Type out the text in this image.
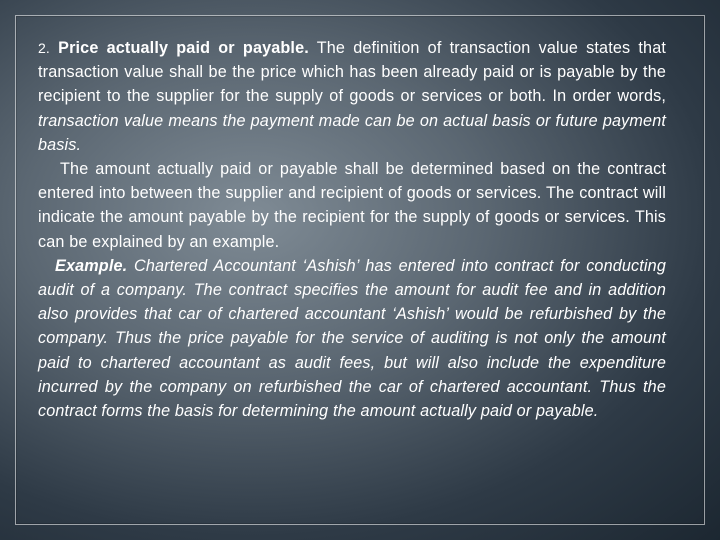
2. Price actually paid or payable. The definition of transaction value states that transaction value shall be the price which has been already paid or is payable by the recipient to the supplier for the supply of goods or services or both. In order words, transaction value means the payment made can be on actual basis or future payment basis.

The amount actually paid or payable shall be determined based on the contract entered into between the supplier and recipient of goods or services. The contract will indicate the amount payable by the recipient for the supply of goods or services. This can be explained by an example.

Example. Chartered Accountant ‘Ashish’ has entered into contract for conducting audit of a company. The contract specifies the amount for audit fee and in addition also provides that car of chartered accountant ‘Ashish’ would be refurbished by the company. Thus the price payable for the service of auditing is not only the amount paid to chartered accountant as audit fees, but will also include the expenditure incurred by the company on refurbished the car of chartered accountant. Thus the contract forms the basis for determining the amount actually paid or payable.
